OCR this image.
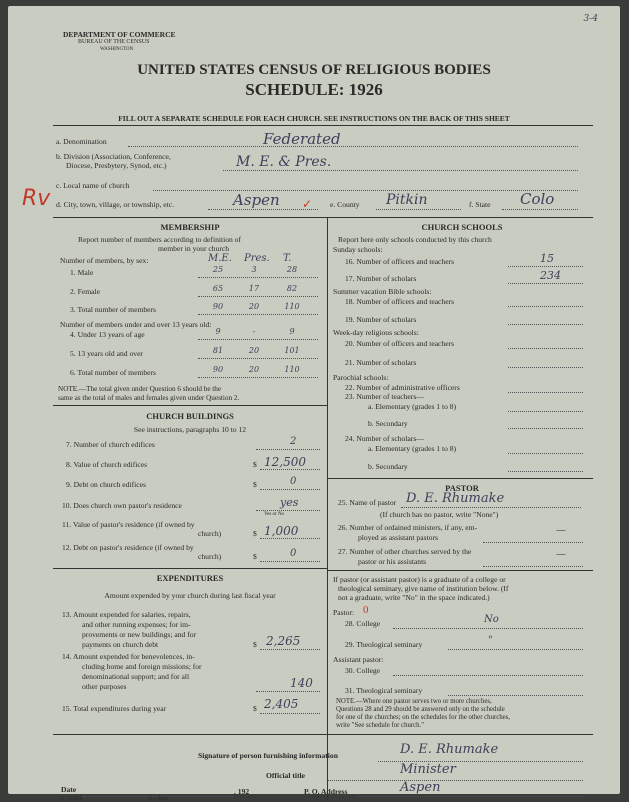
3-4
DEPARTMENT OF COMMERCE
BUREAU OF THE CENSUS
WASHINGTON
UNITED STATES CENSUS OF RELIGIOUS BODIES
SCHEDULE: 1926
FILL OUT A SEPARATE SCHEDULE FOR EACH CHURCH. SEE INSTRUCTIONS ON THE BACK OF THIS SHEET
a. Denomination	Federated
b. Division (Association, Conference,
Diocese, Presbytery, Synod, etc.)	M. E. & Pres.
c. Local name of church
Rv d. City, town, village, or township, etc.	Aspen ✓ e. County Pitkin	f. State Colo
MEMBERSHIP
Report number of members according to definition of
member in your church
Number of members, by sex:	M.E. Pres. T.
1. Male	25	3	28
2. Female	65	17	82
3. Total number of members	90	20	110
Number of members under and over 13 years old:
4. Under 13 years of age	9	-	9
5. 13 years old and over	81	20	101
6. Total number of members	90	20	110
NOTE.—The total given under Question 6 should be the
same as the total of males and females given under Question 2.
CHURCH BUILDINGS
See instructions, paragraphs 10 to 12
7. Number of church edifices	2
8. Value of church edifices	$ 12,500
9. Debt on church edifices	$	0
10. Does church own pastor's residence	yes
Yes or No
11. Value of pastor's residence (if owned by
church)	$ 1,000
12. Debt on pastor's residence (if owned by
church)	$	0
EXPENDITURES
Amount expended by your church during last fiscal year
13. Amount expended for salaries, repairs,
and other running expenses; for im-
provements or new buildings; and for
payments on church debt	$ 2,265
14. Amount expended for benevolences, in-
cluding home and foreign missions; for
denominational support; and for all
other purposes	140
15. Total expenditures during year	$ 2,405
CHURCH SCHOOLS
Report here only schools conducted by this church
Sunday schools:
16. Number of officers and teachers	15
17. Number of scholars	234
Summer vacation Bible schools:
18. Number of officers and teachers
19. Number of scholars
Week-day religious schools:
20. Number of officers and teachers
21. Number of scholars
Parochial schools:
22. Number of administrative officers
23. Number of teachers—
a. Elementary (grades 1 to 8)
b. Secondary
24. Number of scholars—
a. Elementary (grades 1 to 8)
b. Secondary
PASTOR
25. Name of pastor D. E. Rhumake
(If church has no pastor, write "None")
26. Number of ordained ministers, if any, em-
ployed as assistant pastors
—
27. Number of other churches served by the
pastor or his assistants
—
If pastor (or assistant pastor) is a graduate of a college or
theological seminary, give name of institution below. (If
not a graduate, write "No" in the space indicated.)
Pastor: 0
28. College	No
29. Theological seminary	"
Assistant pastor:
30. College
31. Theological seminary
NOTE.—Where one pastor serves two or more churches,
Questions 28 and 29 should be answered only on the schedule
for one of the churches; on the schedules for the other churches,
write "See schedule for church."
Signature of person furnishing information	D. E. Rhumake
Official title	Minister
Date	, 192	P. O. Address	Aspen
6—5518 a	11—9084
